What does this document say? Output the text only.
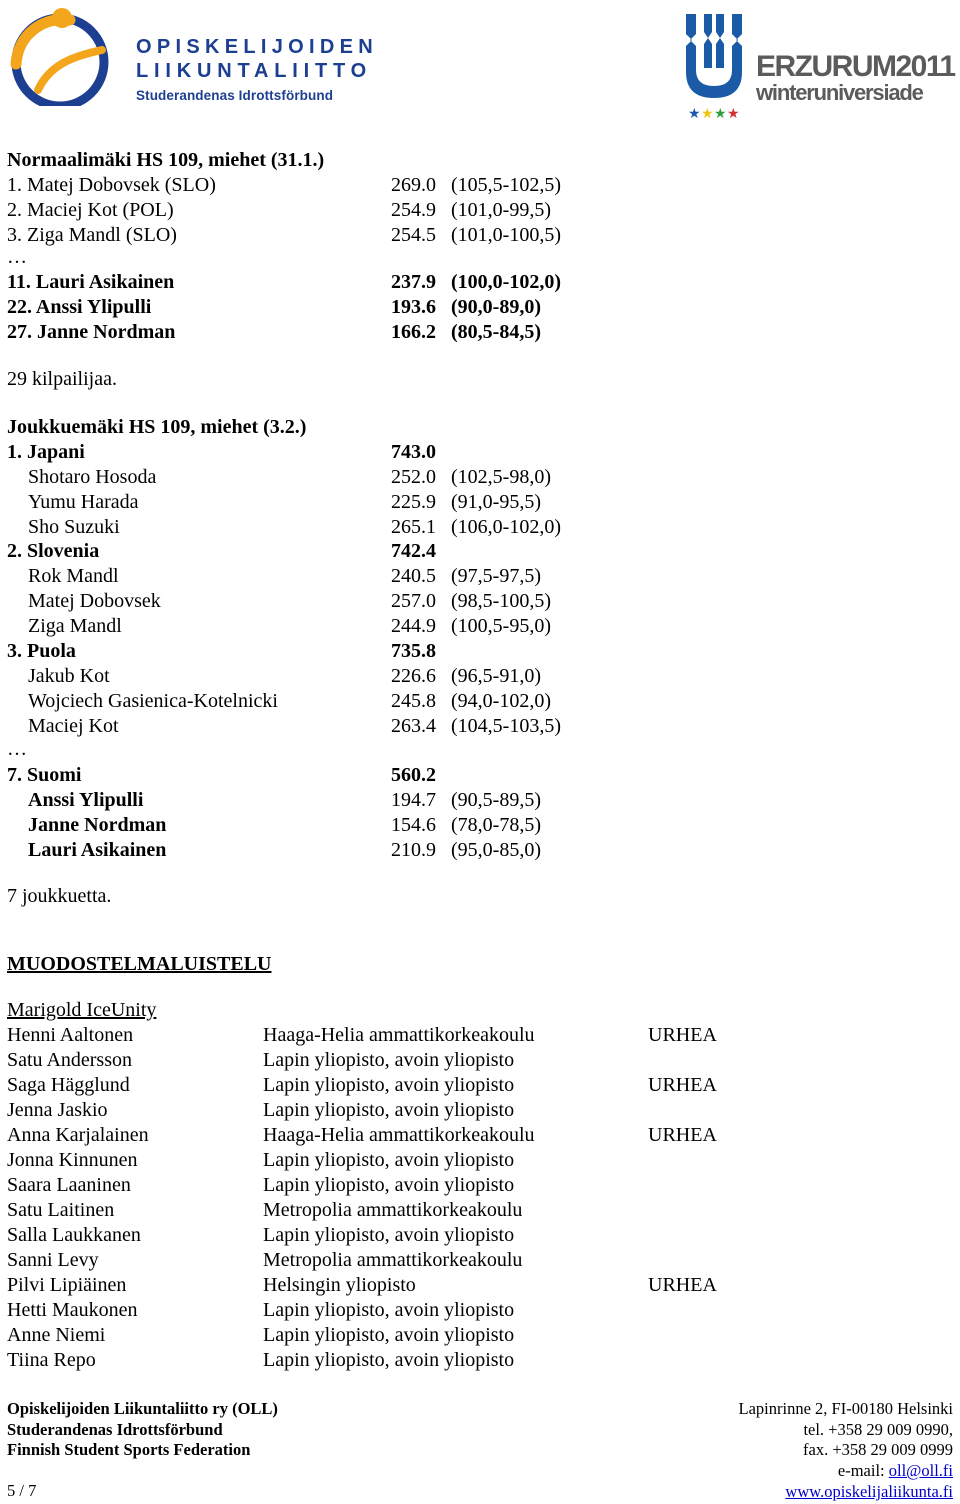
OPISKELIJOIDEN
LIIKUNTALIITTO
Studerandenas Idrottsförbund
★ ★ ★ ★
ERZURUM2011
winteruniversiade
Normaalimäki HS 109, miehet (31.1.)
1. Matej Dobovsek (SLO)	269.0 (105,5-102,5)
2. Maciej Kot (POL)	254.9 (101,0-99,5)
3. Ziga Mandl (SLO)	254.5 (101,0-100,5)
…
11. Lauri Asikainen	237.9 (100,0-102,0)
22. Anssi Ylipulli	193.6 (90,0-89,0)
27. Janne Nordman	166.2 (80,5-84,5)
29 kilpailijaa.
Joukkuemäki HS 109, miehet (3.2.)
1. Japani	743.0
Shotaro Hosoda	252.0 (102,5-98,0)
Yumu Harada	225.9 (91,0-95,5)
Sho Suzuki	265.1 (106,0-102,0)
2. Slovenia	742.4
Rok Mandl	240.5 (97,5-97,5)
Matej Dobovsek	257.0 (98,5-100,5)
Ziga Mandl	244.9 (100,5-95,0)
3. Puola	735.8
Jakub Kot	226.6 (96,5-91,0)
Wojciech Gasienica-Kotelnicki	245.8 (94,0-102,0)
Maciej Kot	263.4 (104,5-103,5)
…
7. Suomi	560.2
Anssi Ylipulli	194.7 (90,5-89,5)
Janne Nordman	154.6 (78,0-78,5)
Lauri Asikainen	210.9 (95,0-85,0)
7 joukkuetta.
MUODOSTELMALUISTELU
Marigold IceUnity
Henni Aaltonen	Haaga-Helia ammattikorkeakoulu	URHEA
Satu Andersson	Lapin yliopisto, avoin yliopisto
Saga Hägglund	Lapin yliopisto, avoin yliopisto	URHEA
Jenna Jaskio	Lapin yliopisto, avoin yliopisto
Anna Karjalainen	Haaga-Helia ammattikorkeakoulu	URHEA
Jonna Kinnunen	Lapin yliopisto, avoin yliopisto
Saara Laaninen	Lapin yliopisto, avoin yliopisto
Satu Laitinen	Metropolia ammattikorkeakoulu
Salla Laukkanen	Lapin yliopisto, avoin yliopisto
Sanni Levy	Metropolia ammattikorkeakoulu
Pilvi Lipiäinen	Helsingin yliopisto	URHEA
Hetti Maukonen	Lapin yliopisto, avoin yliopisto
Anne Niemi	Lapin yliopisto, avoin yliopisto
Tiina Repo	Lapin yliopisto, avoin yliopisto
Opiskelijoiden Liikuntaliitto ry (OLL)
Studerandenas Idrottsförbund
Finnish Student Sports Federation
Lapinrinne 2, FI-00180 Helsinki
tel. +358 29 009 0990,
fax. +358 29 009 0999
e-mail: oll@oll.fi
www.opiskelijaliikunta.fi
5 / 7
